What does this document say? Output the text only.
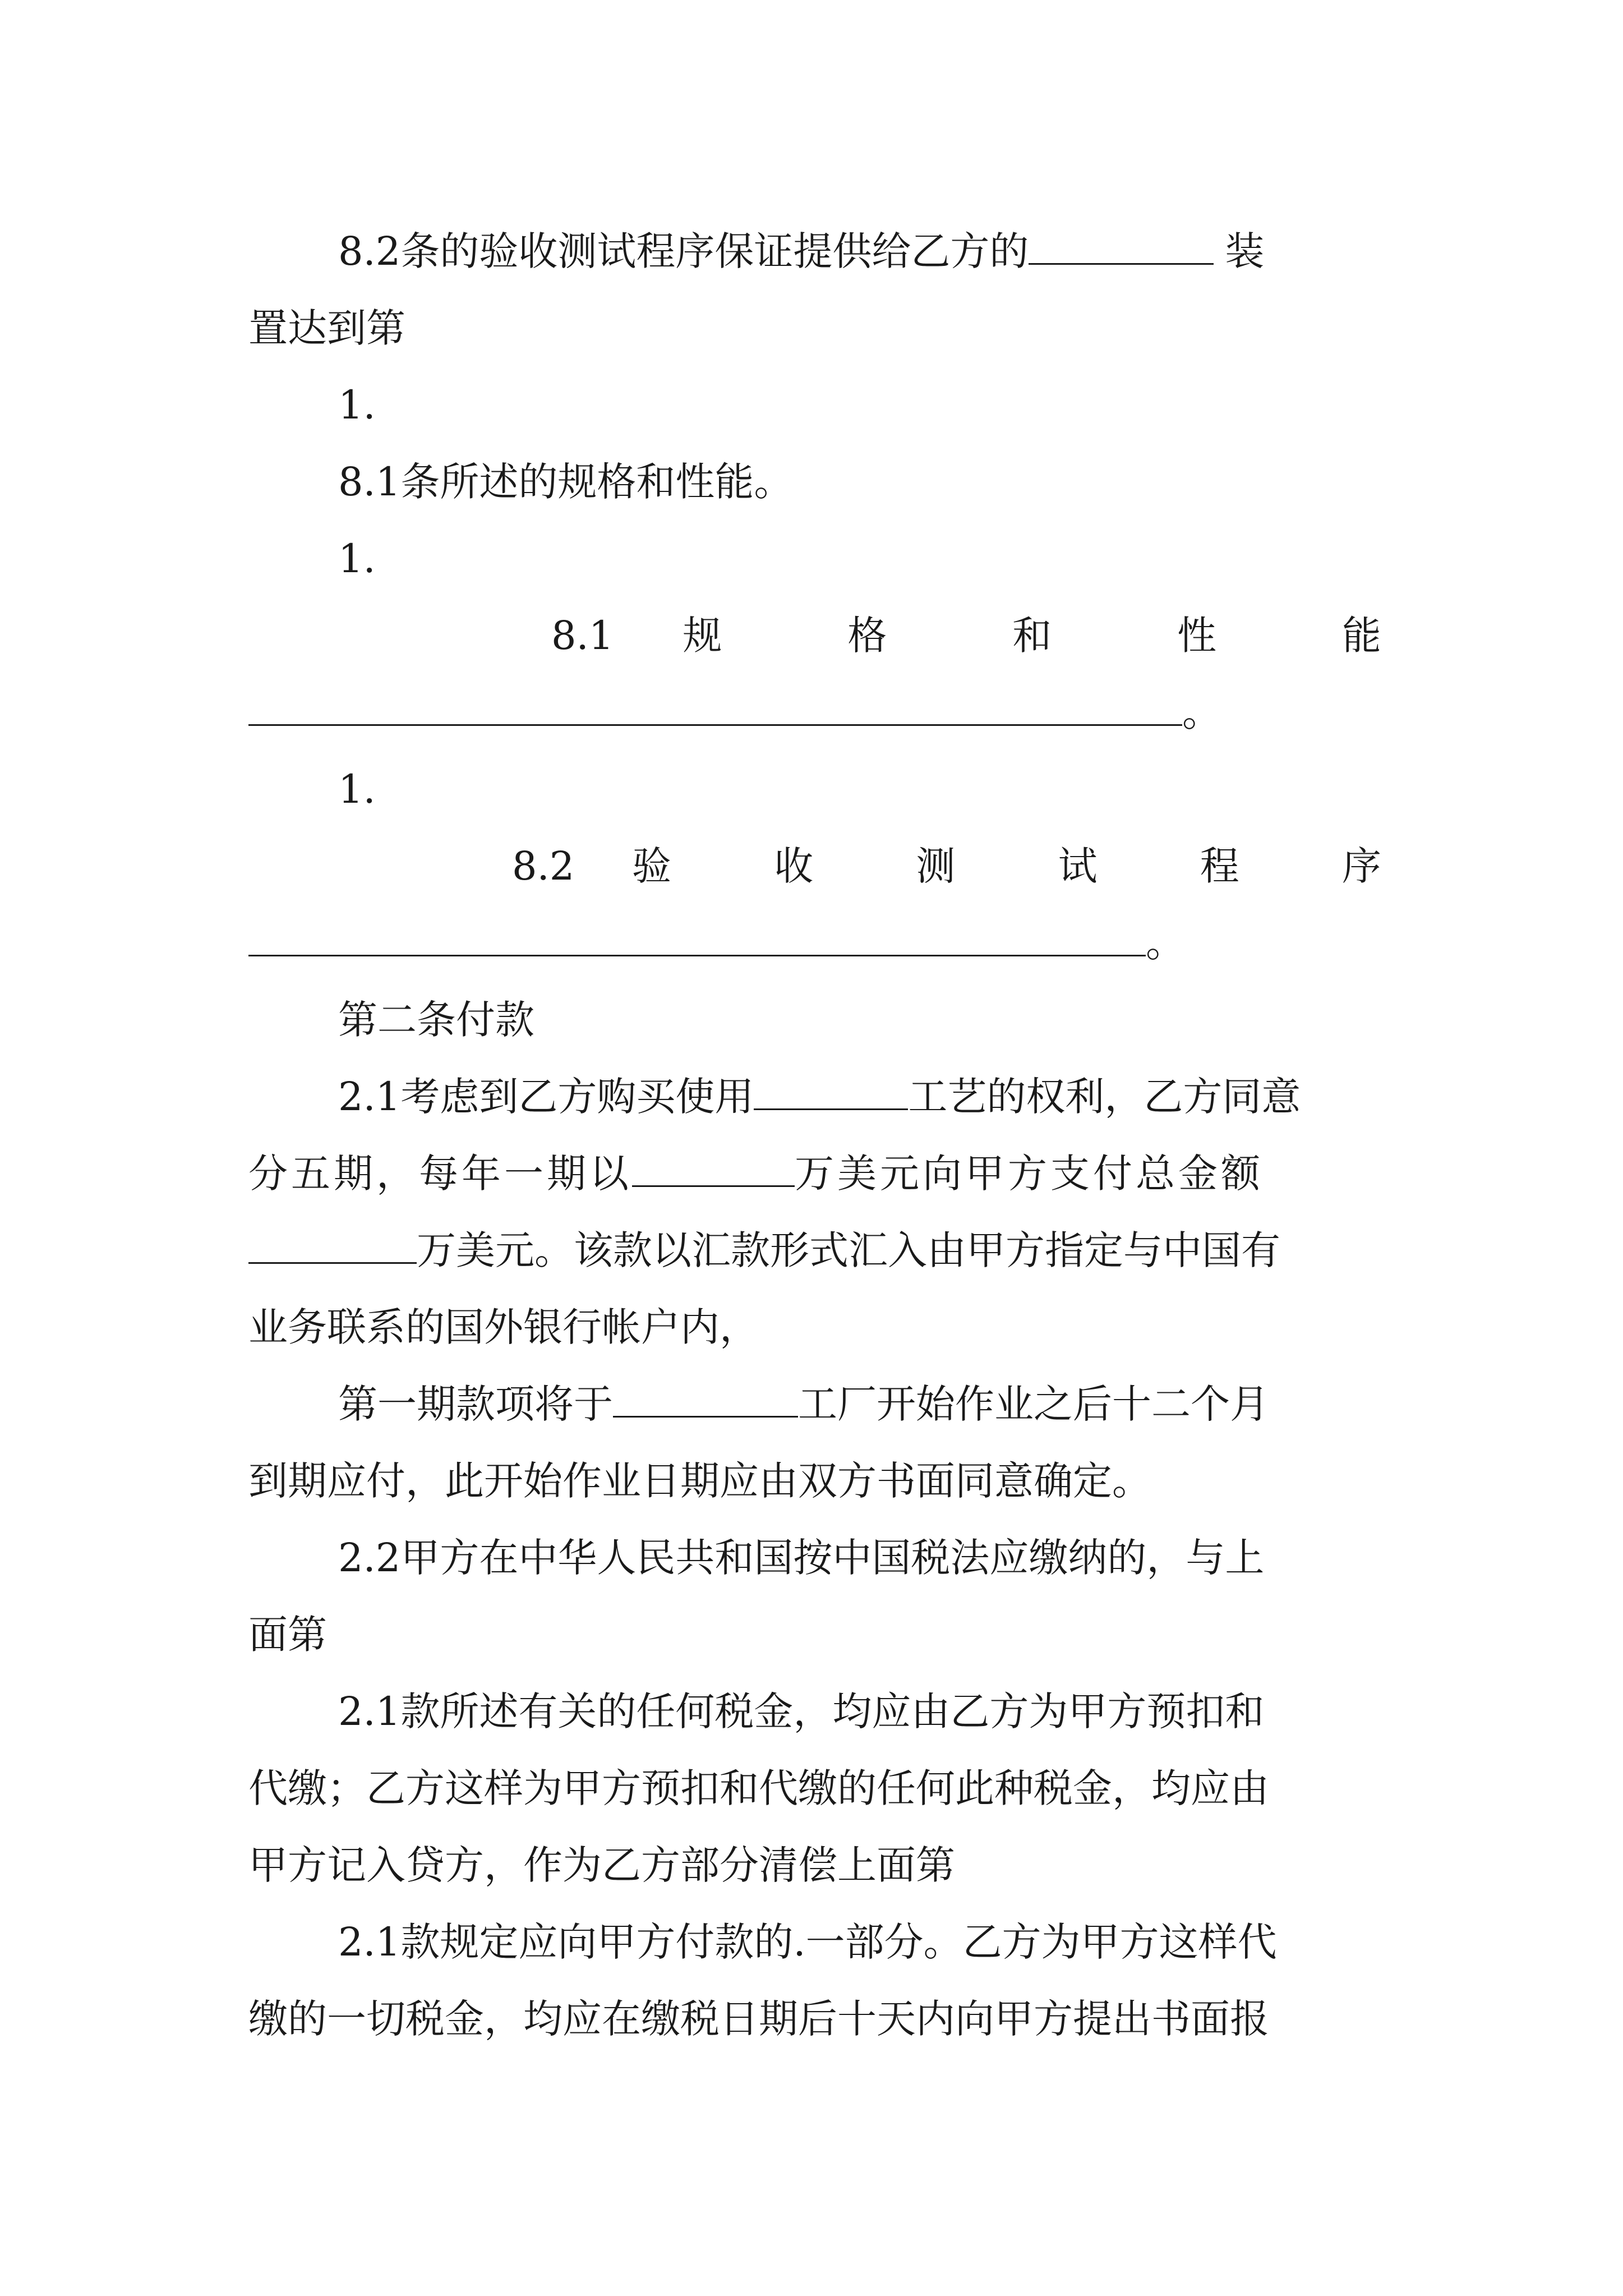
8.2条的验收测试程序保证提供给乙方的	装
置达到第
1.
8.1条所述的规格和性能。
1.
8.1 规 格 和 性 能
。
1.
8.2 验 收 测 试 程 序
。
第二条付款
2.1考虑到乙方购买使用	工艺的权利，乙方同意
分五期，每年一期以	万美元向甲方支付总金额
万美元。该款以汇款形式汇入由甲方指定与中国有
业务联系的国外银行帐户内，
第一期款项将于	工厂开始作业之后十二个月
到期应付，此开始作业日期应由双方书面同意确定。
2.2甲方在中华人民共和国按中国税法应缴纳的，与上
面第
2.1款所述有关的任何税金，均应由乙方为甲方预扣和
代缴；乙方这样为甲方预扣和代缴的任何此种税金，均应由
甲方记入贷方，作为乙方部分清偿上面第
2.1款规定应向甲方付款的.一部分。乙方为甲方这样代
缴的一切税金，均应在缴税日期后十天内向甲方提出书面报
